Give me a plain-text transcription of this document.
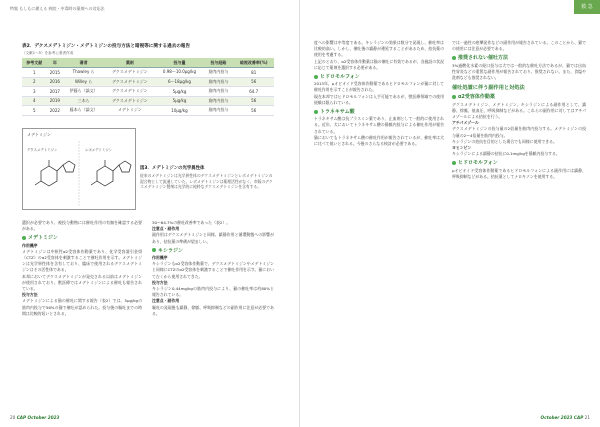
特集 もしもに備える 病院・中毒時の薬剤への対応法
表2．デクスメデトミジン・メデトミジンの投与方法と暗視等に関する過去の報告
（文献1〜5）を参考に著者作成
参考文献	年	著者	薬剤	投与量	投与経路	暗視改善率(%)
1	2015	Thawley ら	デクスメデトミジン	0.98〜10.0μg/kg	筋肉内投与	81
2	2016	Willey ら	デクスメデトミジン	6〜18μg/kg	筋肉内投与	56
3	2017	伊藤ら（論文）	デクスメデトミジン	5μg/kg	筋肉内投与	64.7
4	2019	三木ら	デクスメデトミジン	5μg/kg	筋肉内投与	56
5	2022	藤本ら（論文）	メデトミジン	10μg/kg	筋肉内投与	56
メデトミジン
デクスメデトミジン	レボメデトミジン
図3．メデトミジンの光学異性体
従来のメデトミジンは光学異性体のデクスメデトミジンとレボメデトミジンの混合物として流通していた。レボメデトミジンは薬理活性がなく、市販のデクスメデトミジン製剤は光学的に純粋なデクスメデトミジンを含有する。
選択が必要であり、被投与動物には催吐作用の有無を確認する必要がある。
メデトミジン
作用機序
メデトミジンは中枢性α2受容体作動薬であり、化学受容器引金帯（CTZ）のα2受容体を刺激することで催吐作用を示す。メデトミジンは光学異性体を含有しており、臨床で使用されるデクスメデトミジンはその活性体である。
本邦においてデクスメデトミジンが発売される以前はメデトミジンが使用されており、獣医療ではメデトミジンによる催吐も報告されている。
投与方法
メデトミジンによる猫の催吐に関する報告（表2）では、5μg/kgの筋肉内投与で56%の猫で催吐が認められた。投与後の嘔吐までの時間は比較的短いとされる。
30〜64.7%の催吐改善率であった（表2）。
注意点・副作用
副作用はデクスメデトミジンと同様、鎮静作用と循環動態への影響があり、拮抗薬の準備が望ましい。
キシラジン
作用機序
キシラジンもα2受容体作動薬で、デクスメデトミジンやメデトミジンと同様にCTZのα2受容体を刺激することで催吐作用を示す。猫において古くから使用されてきた。
投与方法
キシラジン0.44mg/kgの筋肉内投与により、猫の催吐率は約80%と報告されている。
注意点・副作用
嘔吐の発現後も鎮静、徐脈、呼吸抑制などの副作用に注意が必要である。
20 CAP October 2023
救 急
度への影響は中等度である。キシラジンの効果は数分で発現し、催吐率は比較的高い。しかし、催吐後の鎮静が遷延することがあるため、拮抗薬の使用を考慮する。
上記のとおり、α2受容体作動薬は猫の催吐に有効であるが、各施設の状況に応じて薬剤を選択する必要がある。
ヒドロモルフォン
2013年、μオピオイド受容体作動薬であるヒドロモルフォンが猫に対して催吐作用を示すことが報告された。
現在本邦ではヒドロモルフォンは入手可能であるが、獣医療領域での使用経験は限られている。
トラネキサム酸
トラネキサム酸は抗プラスミン薬であり、止血剤として一般的に使用される。近年、犬においてトラネキサム酸の静脈内投与による催吐作用が報告されている。
猫においてもトラネキサム酸の催吐作用が報告されているが、催吐率は犬に比べて低いとされる。今後のさらなる検討が必要である。
では一過性の痙攣発作などの副作用が報告されている。このことから、猫での使用には注意が必要である。
推奨されない催吐方法
3%過酸化水素の経口投与は犬では一般的な催吐方法であるが、猫では出血性胃炎などの重篤な副作用が報告されており、推奨されない。また、食塩や洗剤なども推奨されない。
催吐処置に伴う副作用と対処法
α2受容体作動薬
デクスメデトミジン、メデトミジン、キシラジンによる副作用として、鎮静、徐脈、低血圧、呼吸抑制などがある。これらの副作用に対してはアチパメゾールによる拮抗を行う。
アチパメゾール
デクスメデトミジンの投与量の2倍量を筋肉内投与する。メデトミジンの投与量の2〜4倍量を筋肉内投与。
キシラジンの拮抗を目的とした場合でも同様に使用できる。
ヨヒンビン
キシラジンによる鎮静の拮抗に0.1mg/kgを静脈内投与する。
ヒドロモルフォン
μオピオイド受容体作動薬であるヒドロモルフォンによる副作用には鎮静、呼吸抑制などがある。拮抗薬としてナロキソンを使用する。
October 2023 CAP 21
